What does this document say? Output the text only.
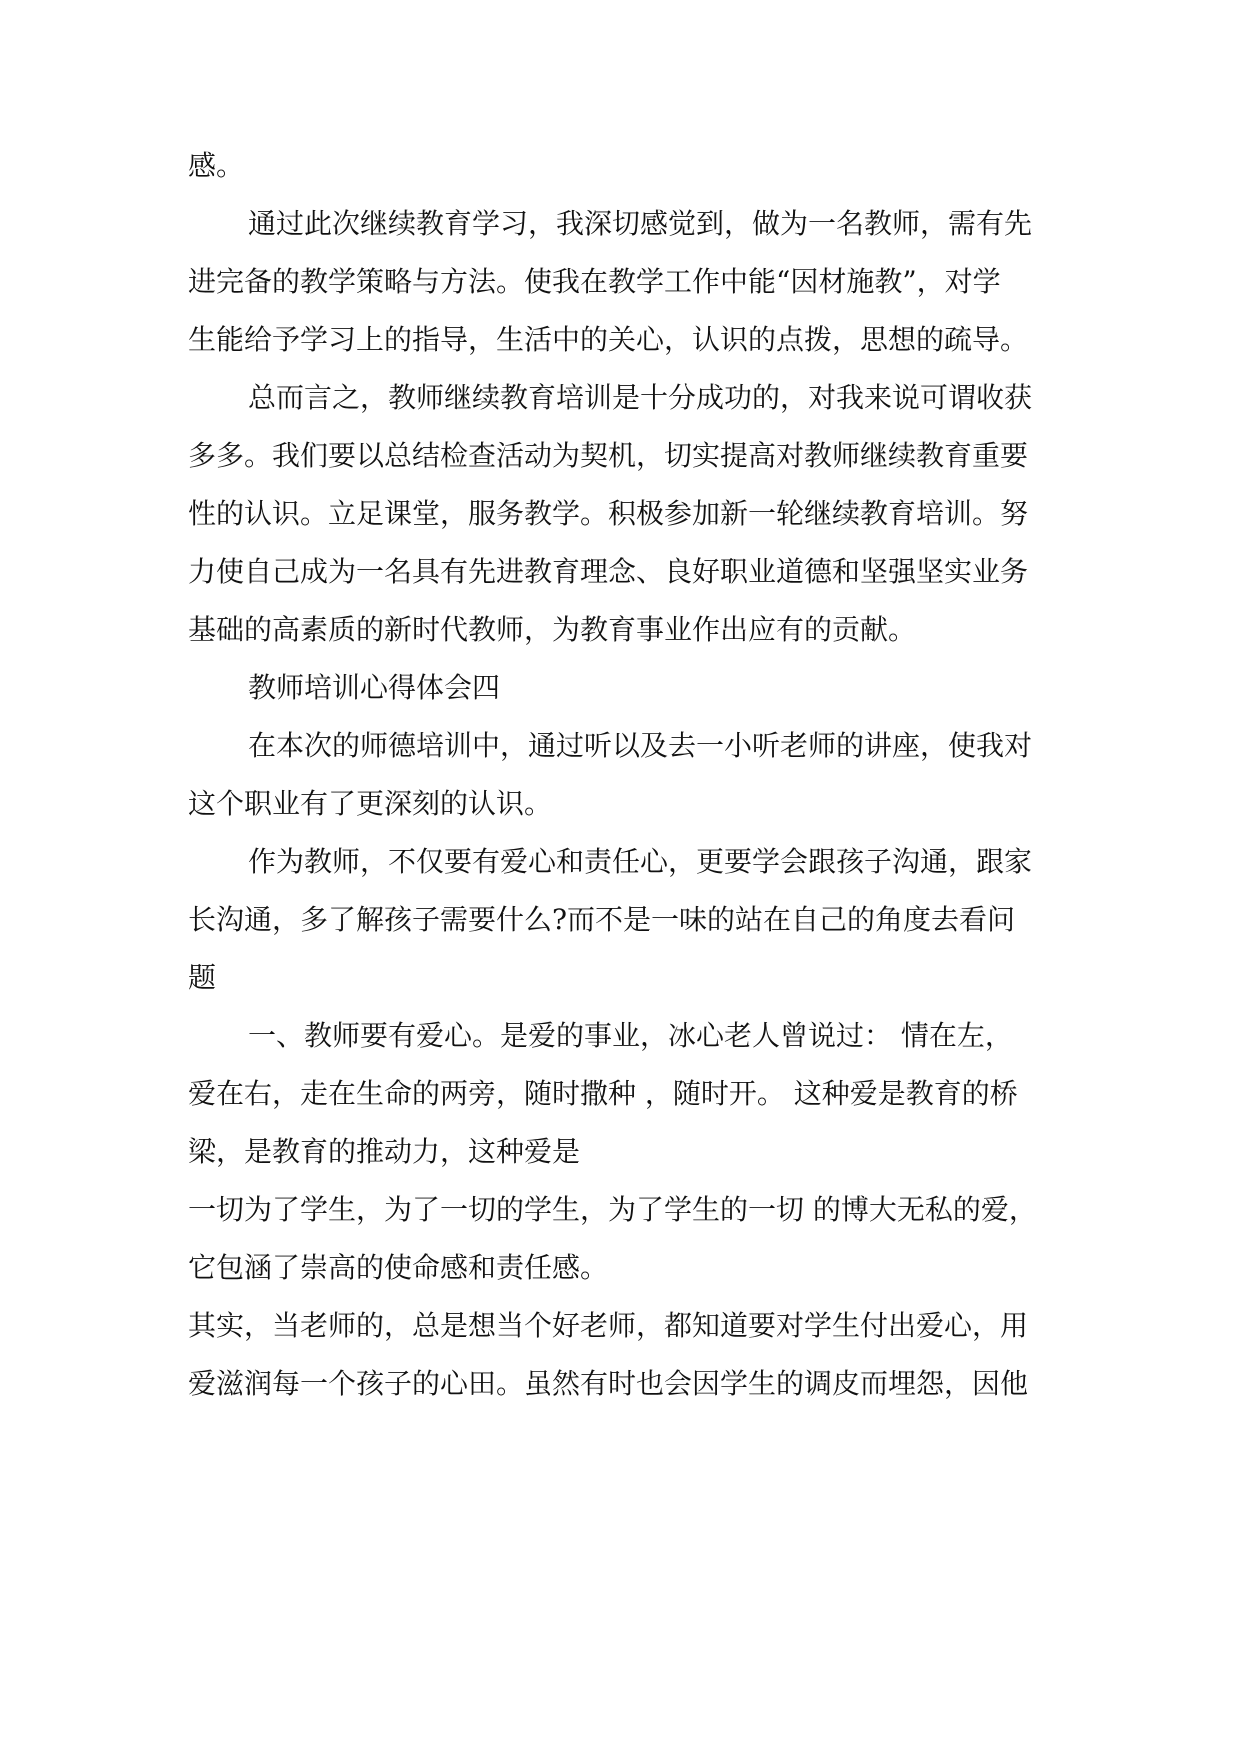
感。

通过此次继续教育学习，我深切感觉到，做为一名教师，需有先

进完备的教学策略与方法。使我在教学工作中能“因材施教”，对学

生能给予学习上的指导，生活中的关心，认识的点拨，思想的疏导。

总而言之，教师继续教育培训是十分成功的，对我来说可谓收获

多多。我们要以总结检查活动为契机，切实提高对教师继续教育重要

性的认识。立足课堂，服务教学。积极参加新一轮继续教育培训。努

力使自己成为一名具有先进教育理念、良好职业道德和坚强坚实业务

基础的高素质的新时代教师，为教育事业作出应有的贡献。

教师培训心得体会四

在本次的师德培训中，通过听以及去一小听老师的讲座，使我对

这个职业有了更深刻的认识。

作为教师，不仅要有爱心和责任心，更要学会跟孩子沟通，跟家

长沟通，多了解孩子需要什么?而不是一味的站在自己的角度去看问

题

一、教师要有爱心。是爱的事业，冰心老人曾说过： 情在左，

爱在右，走在生命的两旁，随时撒种 ，随时开。 这种爱是教育的桥

梁，是教育的推动力，这种爱是

一切为了学生，为了一切的学生，为了学生的一切 的博大无私的爱，

它包涵了崇高的使命感和责任感。

其实，当老师的，总是想当个好老师，都知道要对学生付出爱心，用

爱滋润每一个孩子的心田。虽然有时也会因学生的调皮而埋怨，因他
